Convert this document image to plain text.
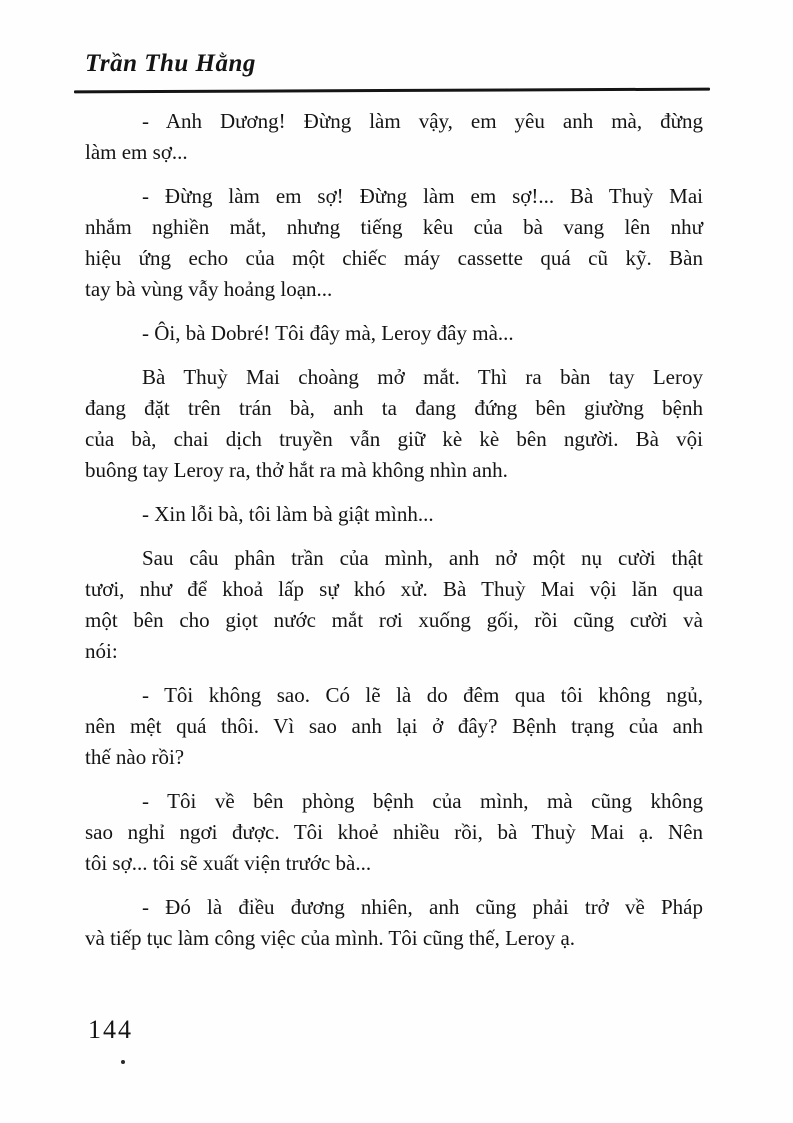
Trần Thu Hằng

- Anh Dương! Đừng làm vậy, em yêu anh mà, đừng
làm em sợ...

- Đừng làm em sợ! Đừng làm em sợ!... Bà Thuỳ Mai
nhắm nghiền mắt, nhưng tiếng kêu của bà vang lên như
hiệu ứng echo của một chiếc máy cassette quá cũ kỹ. Bàn
tay bà vùng vẫy hoảng loạn...

- Ôi, bà Dobré! Tôi đây mà, Leroy đây mà...

Bà Thuỳ Mai choàng mở mắt. Thì ra bàn tay Leroy
đang đặt trên trán bà, anh ta đang đứng bên giường bệnh
của bà, chai dịch truyền vẫn giữ kè kè bên người. Bà vội
buông tay Leroy ra, thở hắt ra mà không nhìn anh.

- Xin lỗi bà, tôi làm bà giật mình...

Sau câu phân trần của mình, anh nở một nụ cười thật
tươi, như để khoả lấp sự khó xử. Bà Thuỳ Mai vội lăn qua
một bên cho giọt nước mắt rơi xuống gối, rồi cũng cười và
nói:

- Tôi không sao. Có lẽ là do đêm qua tôi không ngủ,
nên mệt quá thôi. Vì sao anh lại ở đây? Bệnh trạng của anh
thế nào rồi?

- Tôi về bên phòng bệnh của mình, mà cũng không
sao nghỉ ngơi được. Tôi khoẻ nhiều rồi, bà Thuỳ Mai ạ. Nên
tôi sợ... tôi sẽ xuất viện trước bà...

- Đó là điều đương nhiên, anh cũng phải trở về Pháp
và tiếp tục làm công việc của mình. Tôi cũng thế, Leroy ạ.

144
